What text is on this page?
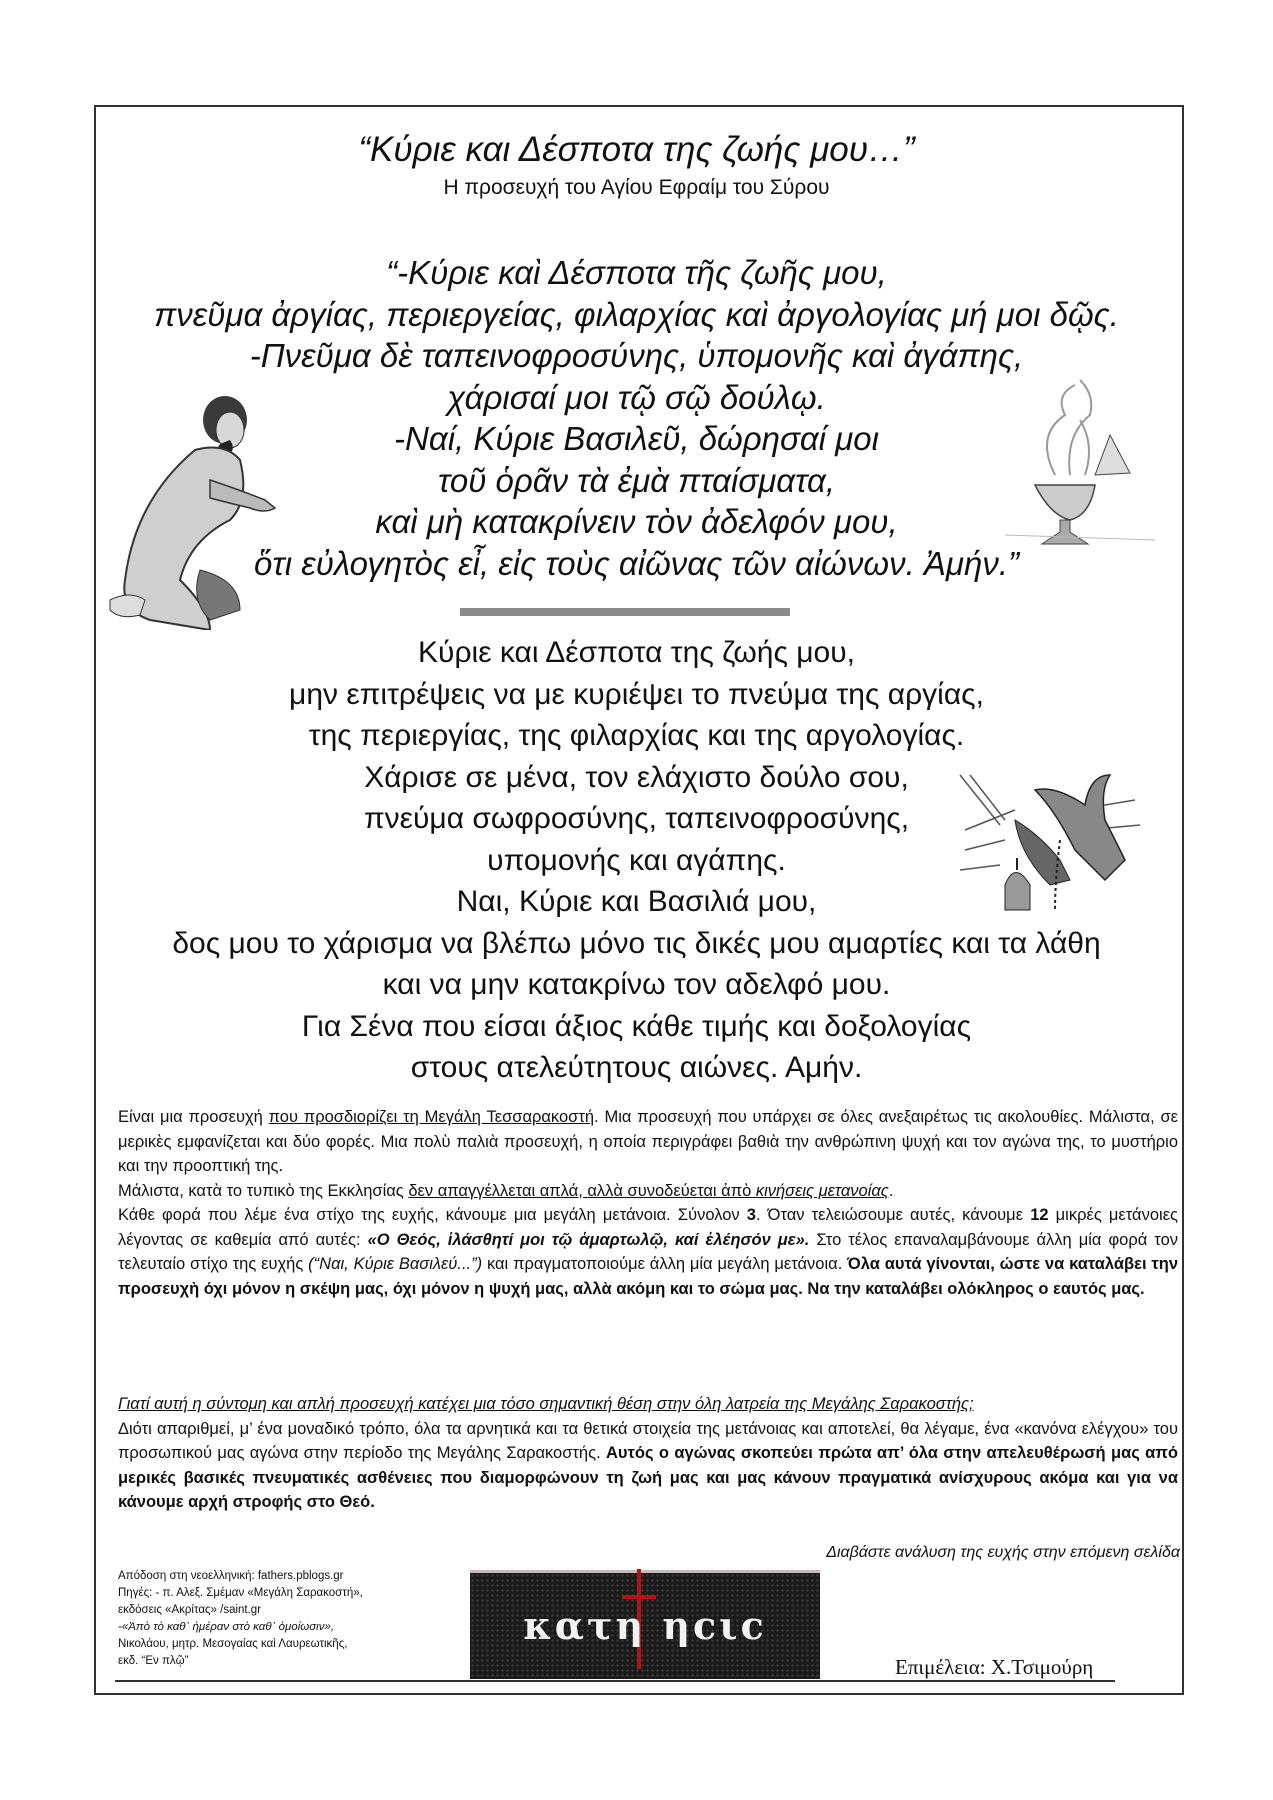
“Κύριε και Δέσποτα της ζωής μου…”
Η προσευχή του Αγίου Εφραίμ του Σύρου
“-Κύριε καὶ Δέσποτα τῆς ζωῆς μου,
πνεῦμα ἀργίας, περιεργείας, φιλαρχίας καὶ ἀργολογίας μή μοι δῷς.
-Πνεῦμα δὲ ταπεινοφροσύνης, ὑπομονῆς καὶ ἀγάπης,
χάρισαί μοι τῷ σῷ δούλῳ.
-Ναί, Κύριε Βασιλεῦ, δώρησαί μοι
τοῦ ὁρᾶν τὰ ἐμὰ πταίσματα,
καὶ μὴ κατακρίνειν τὸν ἀδελφόν μου,
ὅτι εὐλογητὸς εἶ, εἰς τοὺς αἰῶνας τῶν αἰώνων. Ἀμήν.”
Κύριε και Δέσποτα της ζωής μου,
μην επιτρέψεις να με κυριέψει το πνεύμα της αργίας,
της περιεργίας, της φιλαρχίας και της αργολογίας.
Χάρισε σε μένα, τον ελάχιστο δούλο σου,
πνεύμα σωφροσύνης, ταπεινοφροσύνης,
υπομονής και αγάπης.
Ναι, Κύριε και Βασιλιά μου,
δος μου το χάρισμα να βλέπω μόνο τις δικές μου αμαρτίες και τα λάθη
και να μην κατακρίνω τον αδελφό μου.
Για Σένα που είσαι άξιος κάθε τιμής και δοξολογίας
στους ατελεύτητους αιώνες. Αμήν.
Είναι μια προσευχή που προσδιορίζει τη Μεγάλη Τεσσαρακοστή. Μια προσευχή που υπάρχει σε όλες ανεξαιρέτως τις ακολουθίες. Μάλιστα, σε μερικὲς εμφανίζεται και δύο φορές. Μια πολὺ παλιὰ προσευχή, η οποία περιγράφει βαθιὰ την ανθρώπινη ψυχή και τον αγώνα της, το μυστήριο και την προοπτική της.
Μάλιστα, κατὰ το τυπικὸ της Εκκλησίας δεν απαγγέλλεται απλά, αλλὰ συνοδεύεται ἀπὸ κινήσεις μετανοίας.
Κάθε φορά που λέμε ένα στίχο της ευχής, κάνουμε μια μεγάλη μετάνοια. Σύνολον 3. Όταν τελειώσουμε αυτές, κάνουμε 12 μικρές μετάνοιες λέγοντας σε καθεμία από αυτές: «Ο Θεός, ἱλάσθητί μοι τῷ ἁμαρτωλῷ, καί ἐλέησόν με». Στο τέλος επαναλαμβάνουμε άλλη μία φορά τον τελευταίο στίχο της ευχής (“Ναι, Κύριε Βασιλεύ...”) και πραγματοποιούμε άλλη μία μεγάλη μετάνοια. Όλα αυτά γίνονται, ώστε να καταλάβει την προσευχὴ όχι μόνον η σκέψη μας, όχι μόνον η ψυχή μας, αλλὰ ακόμη και το σώμα μας. Να την καταλάβει ολόκληρος ο εαυτός μας.
Γιατί αυτή η σύντομη και απλή προσευχή κατέχει μια τόσο σημαντική θέση στην όλη λατρεία της Μεγάλης Σαρακοστής;
Διότι απαριθμεί, μ’ ένα μοναδικό τρόπο, όλα τα αρνητικά και τα θετικά στοιχεία της μετάνοιας και αποτελεί, θα λέγαμε, ένα «κανόνα ελέγχου» του προσωπικού μας αγώνα στην περίοδο της Μεγάλης Σαρακοστής. Αυτός ο αγώνας σκοπεύει πρώτα απ’ όλα στην απελευθέρωσή μας από μερικές βασικές πνευματικές ασθένειες που διαμορφώνουν τη ζωή μας και μας κάνουν πραγματικά ανίσχυρους ακόμα και για να κάνουμε αρχή στροφής στο Θεό.
Διαβάστε ανάλυση της ευχής στην επόμενη σελίδα
Απόδοση στη νεοελληνική: fathers.pblogs.gr
Πηγές: - π. Αλεξ. Σμέμαν «Μεγάλη Σαρακοστή»,
εκδόσεις «Ακρίτας» /saint.gr
-«Ἀπὸ τὸ καθ᾽ ἡμέραν στὸ καθ᾽ ὁμοίωσιν»,
Νικολάου, μητρ. Μεσογαίας καὶ Λαυρεωτικῆς,
εκδ. “Εν πλῷ”
κατη ηcιc
Επιμέλεια: Χ.Τσιμούρη
